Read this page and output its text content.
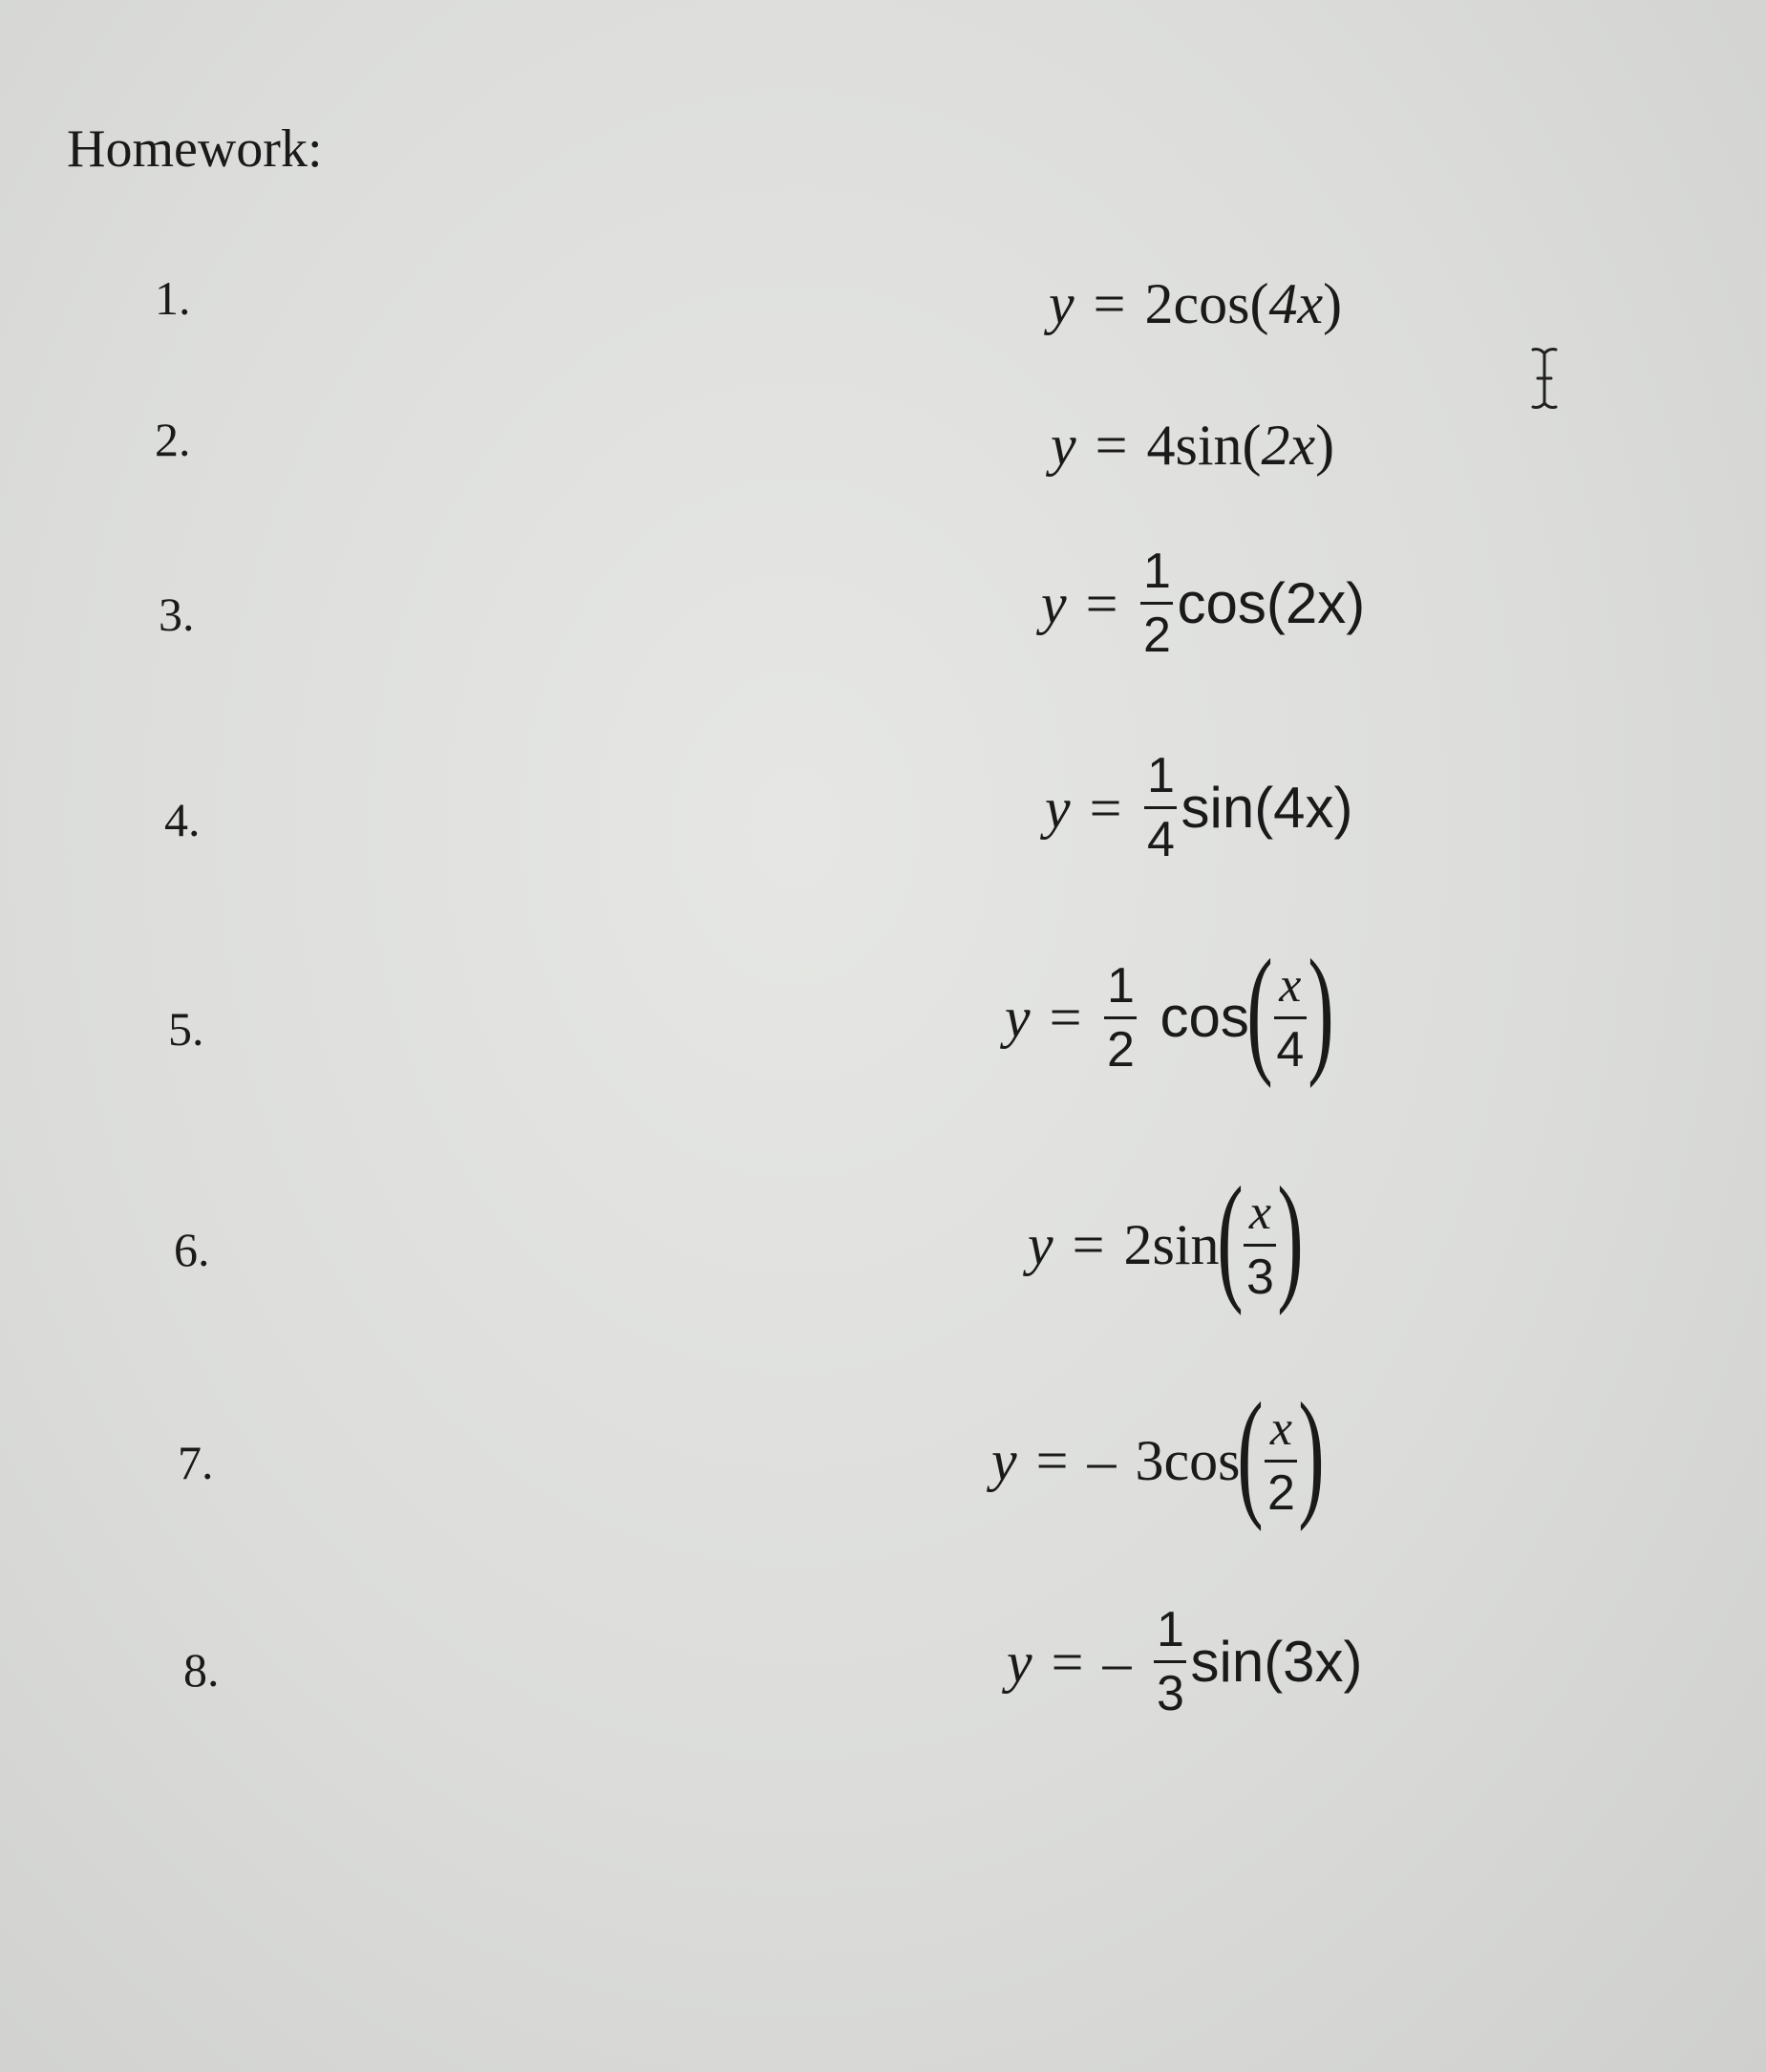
Homework:
1.
2.
3.
4.
5.
6.
7.
8.
y = 2 cos ( 4x )
y = 4 sin ( 2x )
$y = \frac{1}{2}$ cos ( 2x )
$y = \frac{1}{4}$ sin ( 4x )
$y = \frac{1}{2}$ cos
( $\frac{x}{4}$ )
y = 2 sin
( $\frac{x}{3}$ )
y = – 3 cos
( $\frac{x}{2}$ )
y = – $\frac{1}{3}$ sin ( 3x )
